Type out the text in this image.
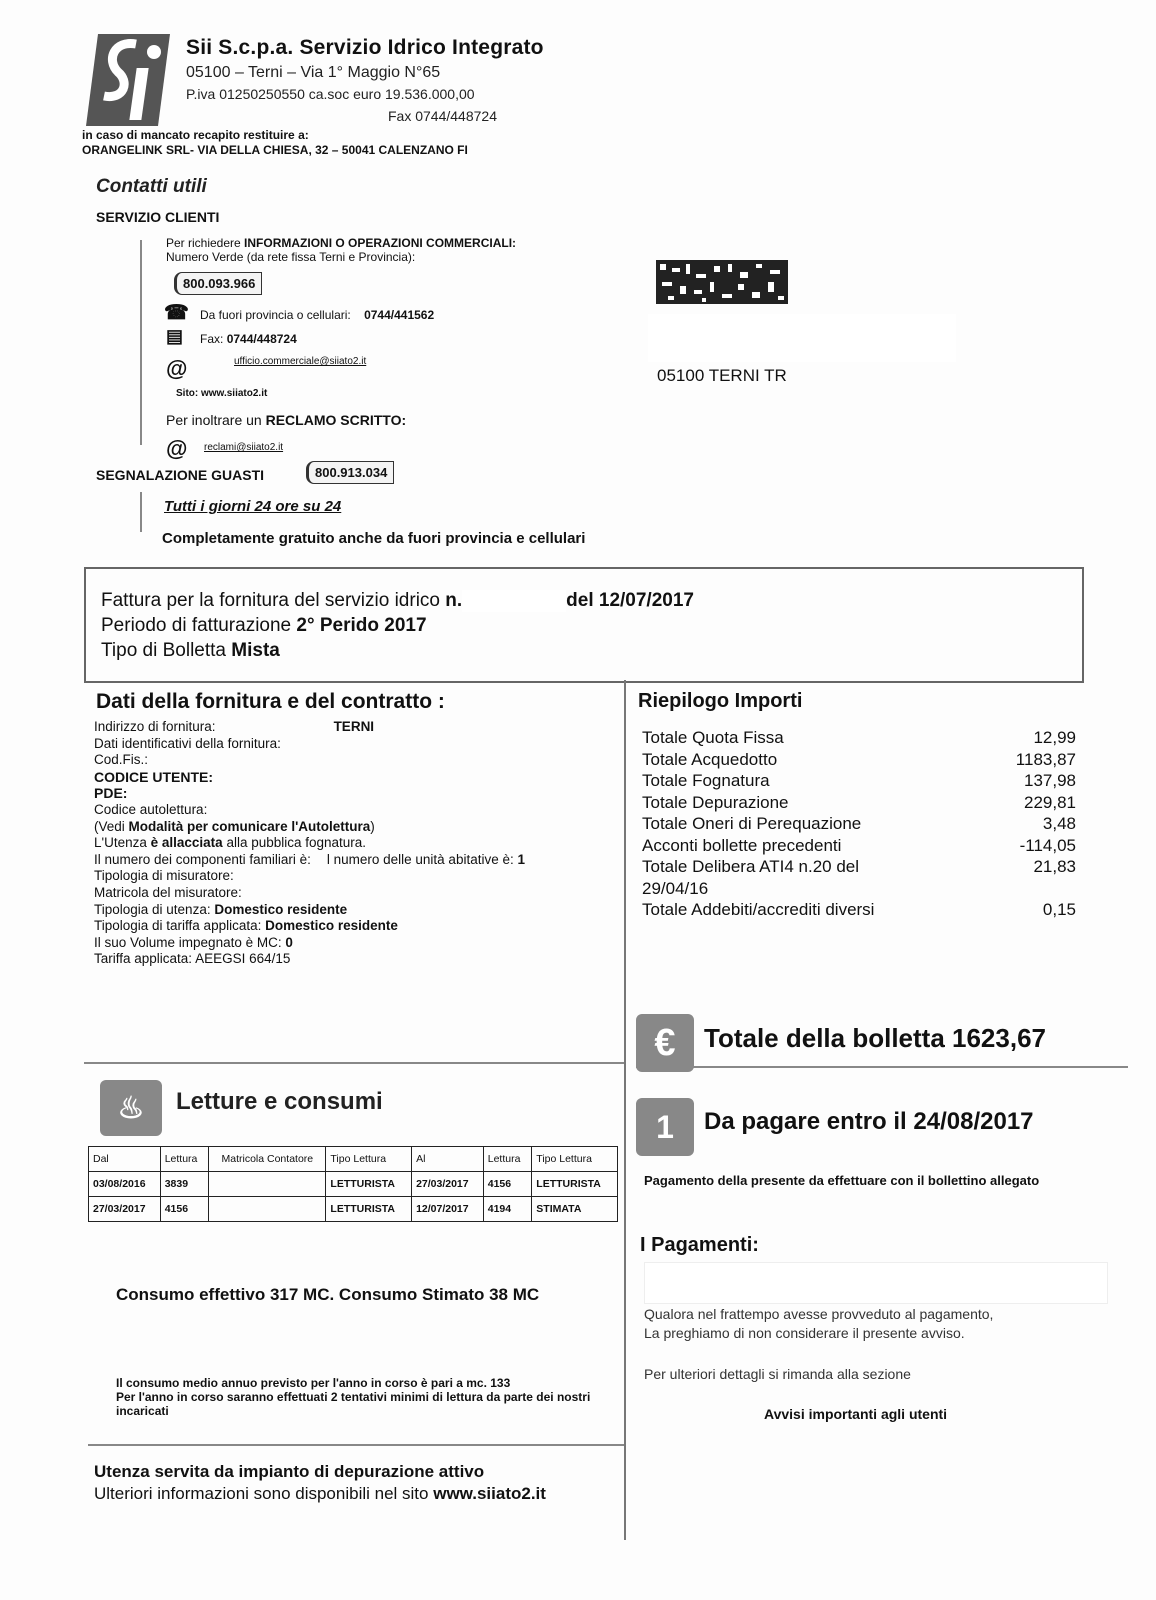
Sii S.c.p.a. Servizio Idrico Integrato
05100 – Terni – Via 1° Maggio N°65
P.iva 01250250550 ca.soc euro 19.536.000,00
Fax 0744/448724
in caso di mancato recapito restituire a:
ORANGELINK SRL- VIA DELLA CHIESA, 32 – 50041 CALENZANO FI
Contatti utili
SERVIZIO CLIENTI
Per richiedere INFORMAZIONI O OPERAZIONI COMMERCIALI:
Numero Verde (da rete fissa Terni e Provincia):
800.093.966
☎ Da fuori provincia o cellulari: 0744/441562
▤ Fax: 0744/448724
@	ufficio.commerciale@siiato2.it
Sito: www.siiato2.it
Per inoltrare un RECLAMO SCRITTO:
@ reclami@siiato2.it
SEGNALAZIONE GUASTI	800.913.034
Tutti i giorni 24 ore su 24
Completamente gratuito anche da fuori provincia e cellulari
05100 TERNI TR
Fattura per la fornitura del servizio idrico n.	del 12/07/2017
Periodo di fatturazione 2° Perido 2017
Tipo di Bolletta Mista
Dati della fornitura e del contratto :
Indirizzo di fornitura:	TERNI
Dati identificativi della fornitura:
Cod.Fis.:
CODICE UTENTE:
PDE:
Codice autolettura:
(Vedi Modalità per comunicare l'Autolettura)
L'Utenza è allacciata alla pubblica fognatura.
Il numero dei componenti familiari è: l numero delle unità abitative è: 1
Tipologia di misuratore:
Matricola del misuratore:
Tipologia di utenza: Domestico residente
Tipologia di tariffa applicata: Domestico residente
Il suo Volume impegnato è MC: 0
Tariffa applicata: AEEGSI 664/15
Riepilogo Importi
Totale Quota Fissa	12,99
Totale Acquedotto	1183,87
Totale Fognatura	137,98
Totale Depurazione	229,81
Totale Oneri di Perequazione	3,48
Acconti bollette precedenti	-114,05
Totale Delibera ATI4 n.20 del 29/04/16	21,83
Totale Addebiti/accrediti diversi	0,15
€	Totale della bolletta 1623,67
1	Da pagare entro il 24/08/2017
Pagamento della presente da effettuare con il bollettino allegato
I Pagamenti:
Qualora nel frattempo avesse provveduto al pagamento,
La preghiamo di non considerare il presente avviso.
Per ulteriori dettagli si rimanda alla sezione
Avvisi importanti agli utenti
♨	Letture e consumi
Dal	Lettura	Matricola Contatore	Tipo Lettura	Al	Lettura	Tipo Lettura
03/08/2016	3839		LETTURISTA	27/03/2017	4156	LETTURISTA
27/03/2017	4156		LETTURISTA	12/07/2017	4194	STIMATA
Consumo effettivo 317 MC. Consumo Stimato 38 MC
Il consumo medio annuo previsto per l'anno in corso è pari a mc. 133
Per l'anno in corso saranno effettuati 2 tentativi minimi di lettura da parte dei nostri incaricati
Utenza servita da impianto di depurazione attivo
Ulteriori informazioni sono disponibili nel sito www.siiato2.it
